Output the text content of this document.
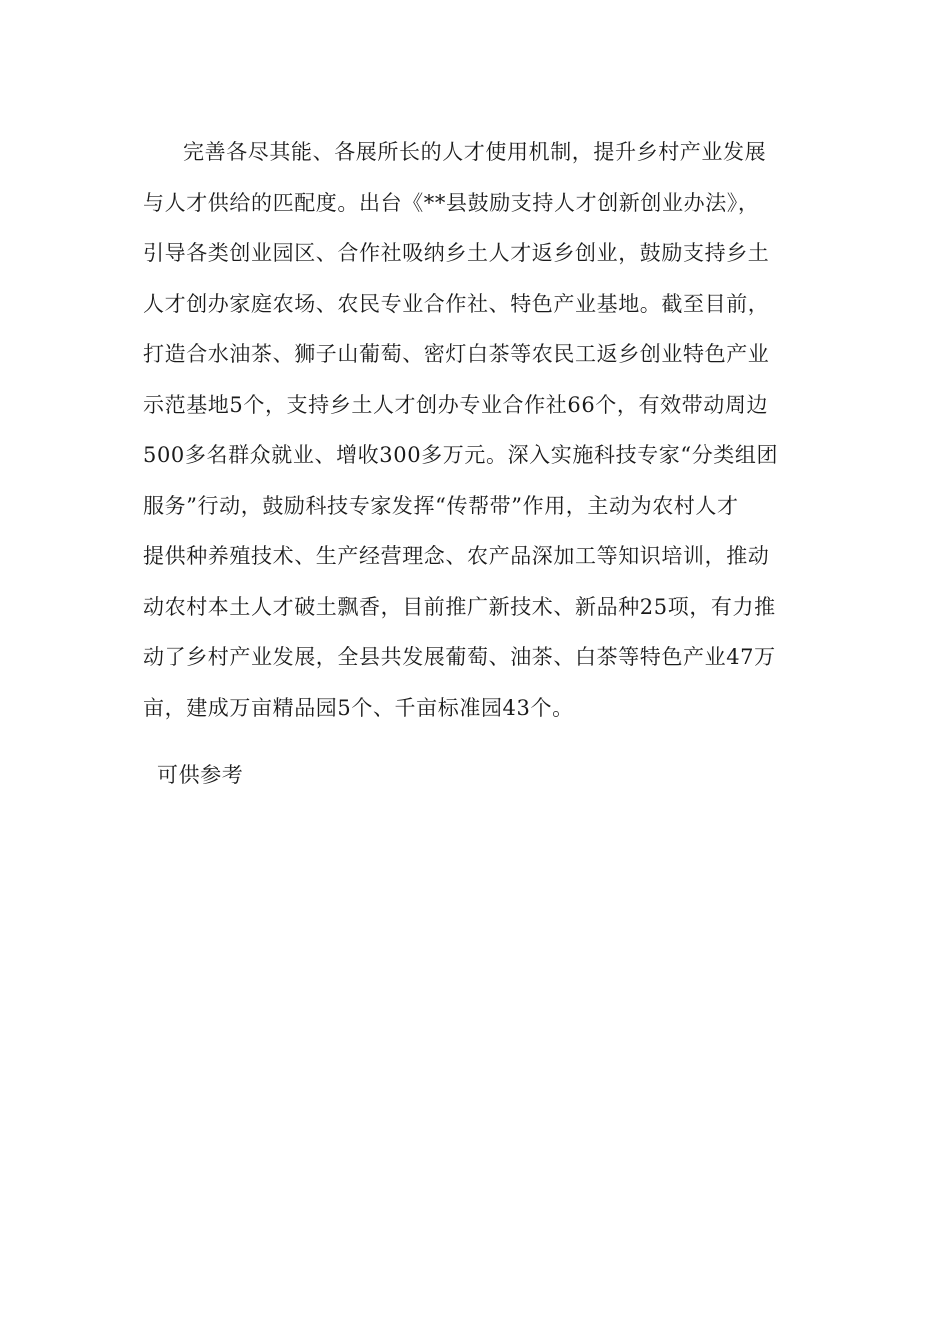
完善各尽其能、各展所长的人才使用机制，提升乡村产业发展
与人才供给的匹配度。出台《**县鼓励支持人才创新创业办法》，
引导各类创业园区、合作社吸纳乡土人才返乡创业，鼓励支持乡土
人才创办家庭农场、农民专业合作社、特色产业基地。截至目前，
打造合水油茶、狮子山葡萄、密灯白茶等农民工返乡创业特色产业
示范基地5个，支持乡土人才创办专业合作社66个，有效带动周边
500多名群众就业、增收300多万元。深入实施科技专家“分类组团
服务”行动，鼓励科技专家发挥“传帮带”作用，主动为农村人才
提供种养殖技术、生产经营理念、农产品深加工等知识培训，推动
动农村本土人才破土飘香，目前推广新技术、新品种25项，有力推
动了乡村产业发展，全县共发展葡萄、油茶、白茶等特色产业47万
亩，建成万亩精品园5个、千亩标准园43个。
可供参考
